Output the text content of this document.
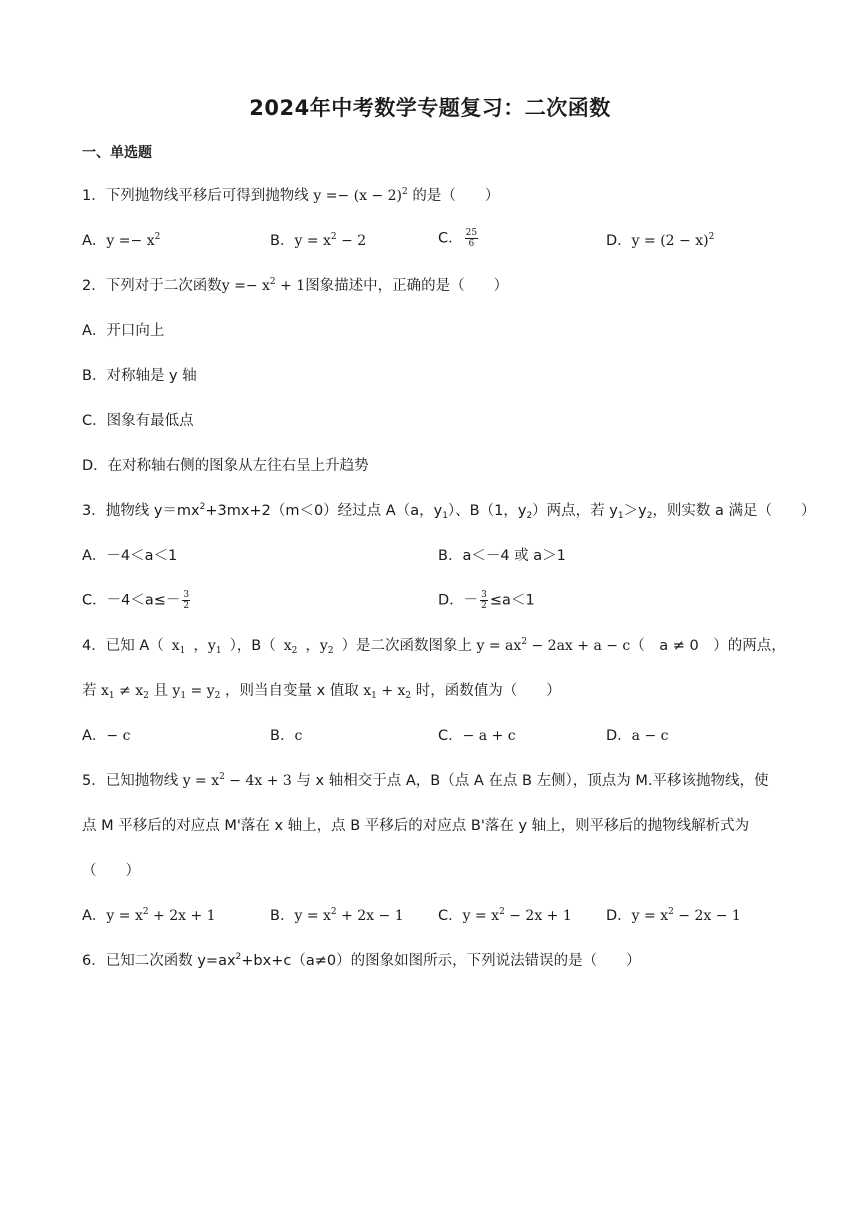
2024年中考数学专题复习：二次函数
一、单选题
1．下列抛物线平移后可得到抛物线 $y =- (x - 2)^2$ 的是（　　）
A．$y =- x^2$	B．$y = x^2 - 2$	C． $\frac{25}{6}$	D．$y = (2 - x)^2$
2．下列对于二次函数$y =- x^2 + 1$图象描述中，正确的是（　　）
A．开口向上
B．对称轴是 y 轴
C．图象有最低点
D．在对称轴右侧的图象从左往右呈上升趋势
3．抛物线 $y=mx^2+3mx+2(m<0)$经过点 A（a，$y_1$）、B（1，$y_2$）两点，若 $y_1>y_2$，则实数 a 满足（　　）
A．－4＜a＜1	B．a＜－4 或 a＞1
C．$-4<a\le- \frac{3}{2}$	D．－ $\frac{3}{2} \le a<1$
4．已知 A（ $x_1$ ，$y_1$ ），B（ $x_2$ ，$y_2$ ）是二次函数图象上 $y = ax^2 - 2ax + a - c$（　a ≠ 0　）的两点，
若 $x_1 \ne x_2$ 且 $y_1 = y_2$ ，则当自变量 x 值取 $x_1 + x_2$ 时，函数值为（　　）
A．− c	B．c	C．− a + c	D．a − c
5．已知抛物线 $y = x^2 - 4x + 3$ 与 x 轴相交于点 A，B（点 A 在点 B 左侧），顶点为 M.平移该抛物线，使
点 M 平移后的对应点 M'落在 x 轴上，点 B 平移后的对应点 B'落在 y 轴上，则平移后的抛物线解析式为
（　　）
A．$y = x^2 + 2x + 1$	B．$y = x^2 + 2x - 1$ C．$y = x^2 - 2x + 1$ D．$y = x^2 - 2x - 1$
6．已知二次函数 $y=ax^2+bx+c(a\ne 0)$的图象如图所示，下列说法错误的是（　　）
